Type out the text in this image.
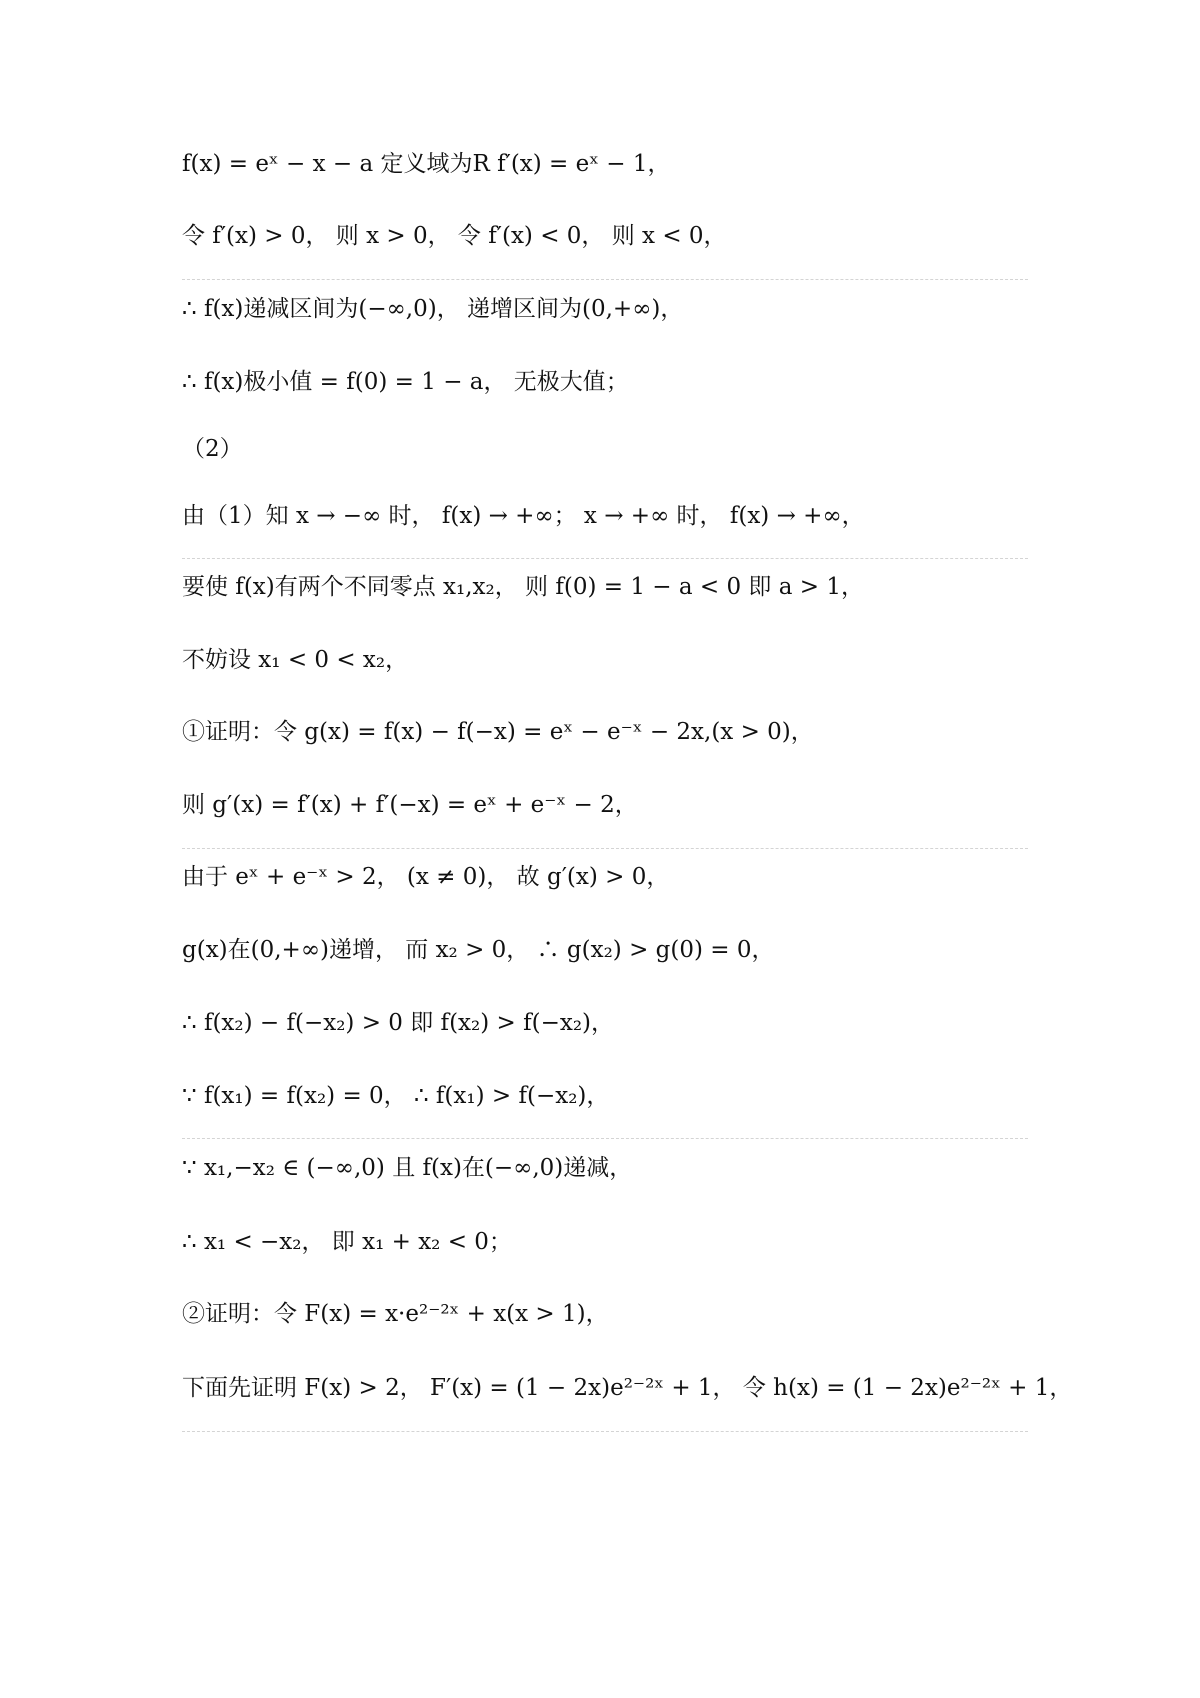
f(x) = eˣ − x − a 定义域为R f′(x) = eˣ − 1，
令 f′(x) > 0， 则 x > 0， 令 f′(x) < 0， 则 x < 0，
∴ f(x)递减区间为(−∞,0)， 递增区间为(0,+∞)，
∴ f(x)极小值 = f(0) = 1 − a， 无极大值；
（2）
由（1）知 x → −∞ 时， f(x) → +∞； x → +∞ 时， f(x) → +∞，
要使 f(x)有两个不同零点 x₁,x₂， 则 f(0) = 1 − a < 0 即 a > 1，
不妨设 x₁ < 0 < x₂，
①证明：令 g(x) = f(x) − f(−x) = eˣ − e⁻ˣ − 2x,(x > 0)，
则 g′(x) = f′(x) + f′(−x) = eˣ + e⁻ˣ − 2，
由于 eˣ + e⁻ˣ > 2， (x ≠ 0)， 故 g′(x) > 0，
g(x)在(0,+∞)递增， 而 x₂ > 0， ∴ g(x₂) > g(0) = 0，
∴ f(x₂) − f(−x₂) > 0 即 f(x₂) > f(−x₂)，
∵ f(x₁) = f(x₂) = 0， ∴ f(x₁) > f(−x₂)，
∵ x₁,−x₂ ∈ (−∞,0) 且 f(x)在(−∞,0)递减，
∴ x₁ < −x₂， 即 x₁ + x₂ < 0；
②证明：令 F(x) = x·e²⁻²ˣ + x(x > 1)，
下面先证明 F(x) > 2， F′(x) = (1 − 2x)e²⁻²ˣ + 1， 令 h(x) = (1 − 2x)e²⁻²ˣ + 1，
